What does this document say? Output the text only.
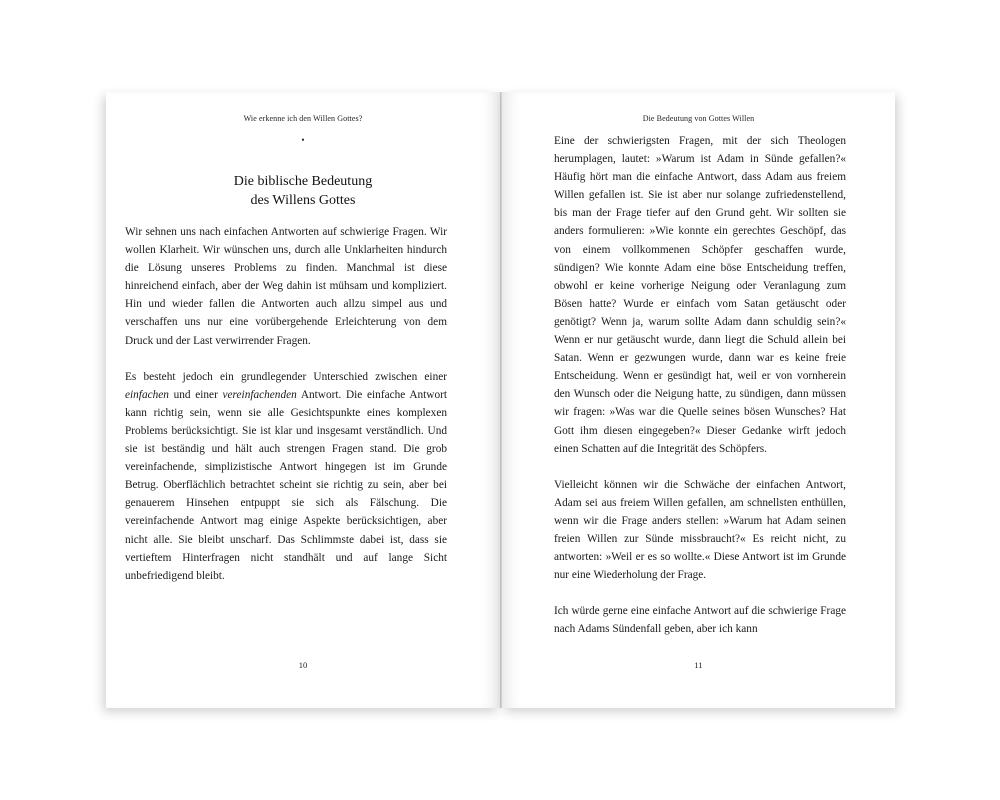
Wie erkenne ich den Willen Gottes?
•
Die biblische Bedeutung
des Willens Gottes

Wir sehnen uns nach einfachen Antworten auf schwierige Fragen. Wir wollen Klarheit. Wir wünschen uns, durch alle Unklarheiten hindurch die Lösung unseres Problems zu finden. Manchmal ist diese hinreichend einfach, aber der Weg dahin ist mühsam und kompliziert. Hin und wieder fallen die Antworten auch allzu simpel aus und verschaffen uns nur eine vorübergehende Erleichterung von dem Druck und der Last verwirrender Fragen.

Es besteht jedoch ein grundlegender Unterschied zwischen einer einfachen und einer vereinfachenden Antwort. Die einfache Antwort kann richtig sein, wenn sie alle Gesichtspunkte eines komplexen Problems berücksichtigt. Sie ist klar und insgesamt verständlich. Und sie ist beständig und hält auch strengen Fragen stand. Die grob vereinfachende, simplizistische Antwort hingegen ist im Grunde Betrug. Oberflächlich betrachtet scheint sie richtig zu sein, aber bei genauerem Hinsehen entpuppt sie sich als Fälschung. Die vereinfachende Antwort mag einige Aspekte berücksichtigen, aber nicht alle. Sie bleibt unscharf. Das Schlimmste dabei ist, dass sie vertieftem Hinterfragen nicht standhält und auf lange Sicht unbefriedigend bleibt.

10
Die Bedeutung von Gottes Willen

Eine der schwierigsten Fragen, mit der sich Theologen herumplagen, lautet: »Warum ist Adam in Sünde gefallen?« Häufig hört man die einfache Antwort, dass Adam aus freiem Willen gefallen ist. Sie ist aber nur solange zufriedenstellend, bis man der Frage tiefer auf den Grund geht. Wir sollten sie anders formulieren: »Wie konnte ein gerechtes Geschöpf, das von einem vollkommenen Schöpfer geschaffen wurde, sündigen? Wie konnte Adam eine böse Entscheidung treffen, obwohl er keine vorherige Neigung oder Veranlagung zum Bösen hatte? Wurde er einfach vom Satan getäuscht oder genötigt? Wenn ja, warum sollte Adam dann schuldig sein?« Wenn er nur getäuscht wurde, dann liegt die Schuld allein bei Satan. Wenn er gezwungen wurde, dann war es keine freie Entscheidung. Wenn er gesündigt hat, weil er von vornherein den Wunsch oder die Neigung hatte, zu sündigen, dann müssen wir fragen: »Was war die Quelle seines bösen Wunsches? Hat Gott ihm diesen eingegeben?« Dieser Gedanke wirft jedoch einen Schatten auf die Integrität des Schöpfers.

Vielleicht können wir die Schwäche der einfachen Antwort, Adam sei aus freiem Willen gefallen, am schnellsten enthüllen, wenn wir die Frage anders stellen: »Warum hat Adam seinen freien Willen zur Sünde missbraucht?« Es reicht nicht, zu antworten: »Weil er es so wollte.« Diese Antwort ist im Grunde nur eine Wiederholung der Frage.

Ich würde gerne eine einfache Antwort auf die schwierige Frage nach Adams Sündenfall geben, aber ich kann

11
